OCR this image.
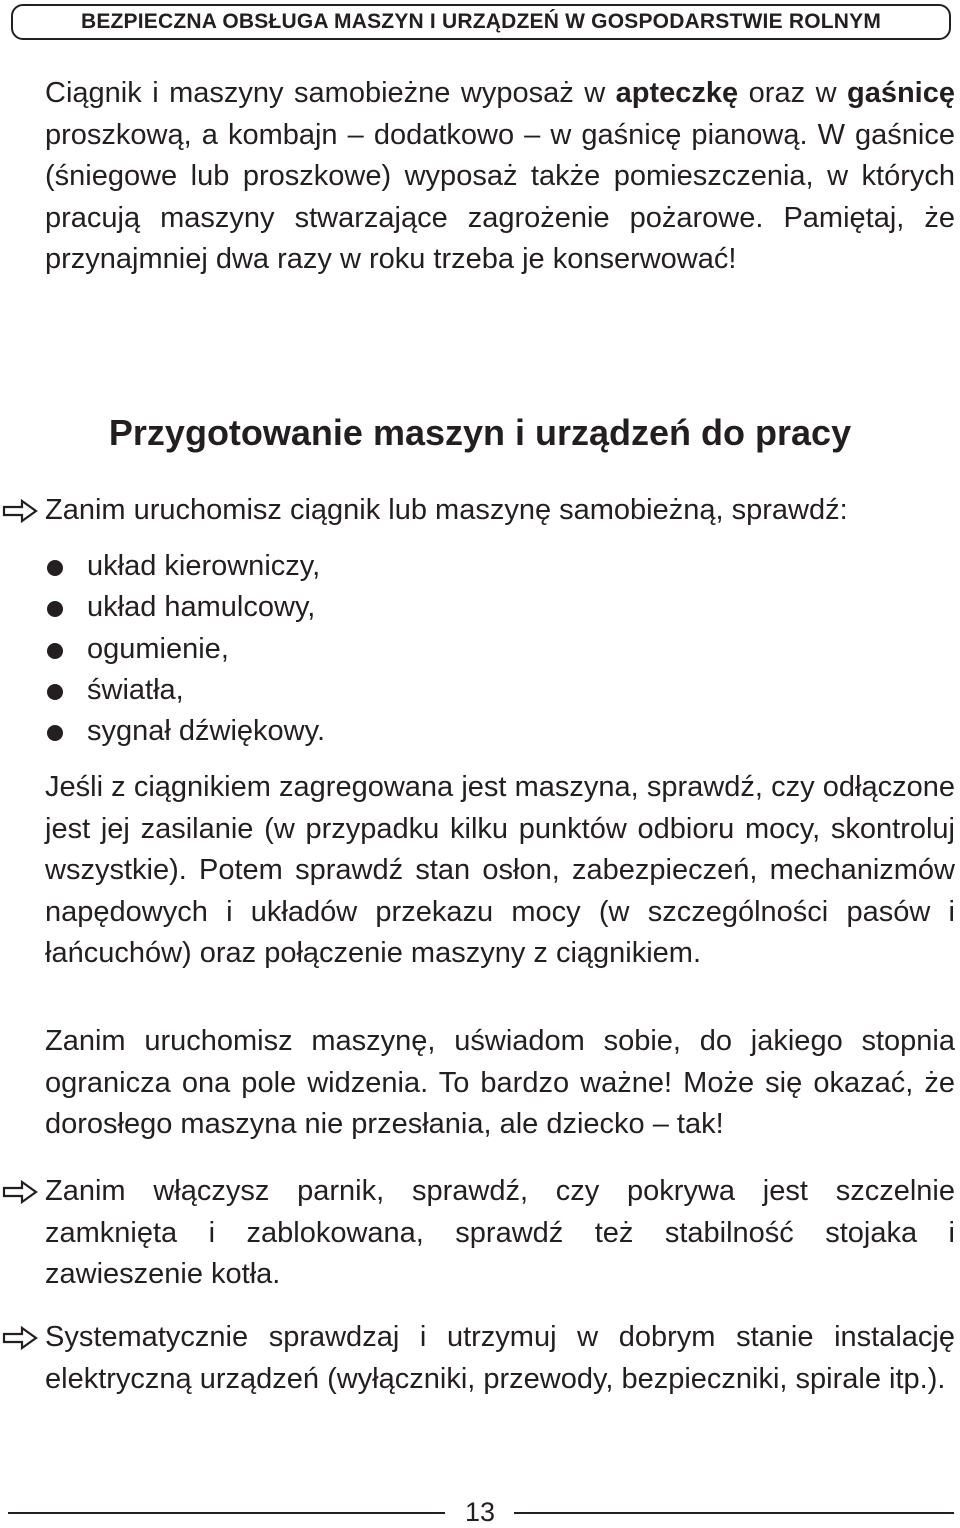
BEZPIECZNA OBSŁUGA MASZYN I URZĄDZEŃ W GOSPODARSTWIE ROLNYM

Ciągnik i maszyny samobieżne wyposaż w apteczkę oraz w gaśnicę proszkową, a kombajn – dodatkowo – w gaśnicę pianową. W gaśnice (śniegowe lub proszkowe) wyposaż także pomieszczenia, w których pracują maszyny stwarzające zagrożenie pożarowe. Pamiętaj, że przynajmniej dwa razy w roku trzeba je konserwować!

Przygotowanie maszyn i urządzeń do pracy

Zanim uruchomisz ciągnik lub maszynę samobieżną, sprawdź:

układ kierowniczy,
układ hamulcowy,
ogumienie,
światła,
sygnał dźwiękowy.

Jeśli z ciągnikiem zagregowana jest maszyna, sprawdź, czy odłączone jest jej zasilanie (w przypadku kilku punktów odbioru mocy, skontroluj wszystkie). Potem sprawdź stan osłon, zabezpieczeń, mechanizmów napędowych i układów przekazu mocy (w szczególności pasów i łańcuchów) oraz połączenie maszyny z ciągnikiem.

Zanim uruchomisz maszynę, uświadom sobie, do jakiego stopnia ogranicza ona pole widzenia. To bardzo ważne! Może się okazać, że dorosłego maszyna nie przesłania, ale dziecko – tak!

Zanim włączysz parnik, sprawdź, czy pokrywa jest szczelnie zamknięta i zablokowana, sprawdź też stabilność stojaka i zawieszenie kotła.

Systematycznie sprawdzaj i utrzymuj w dobrym stanie instalację elektryczną urządzeń (wyłączniki, przewody, bezpieczniki, spirale itp.).

13
